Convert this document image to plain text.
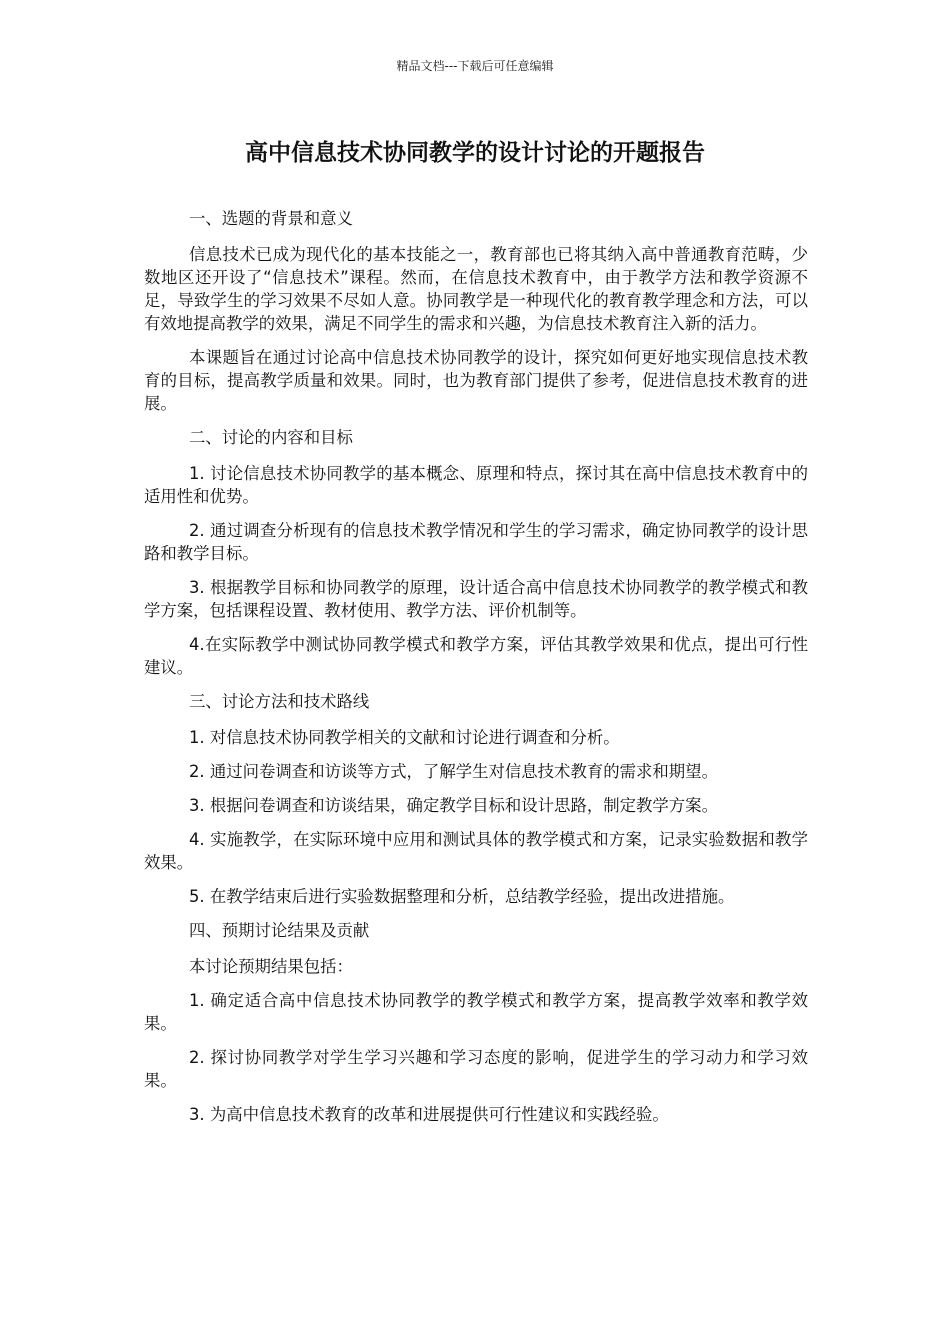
精品文档---下载后可任意编辑
高中信息技术协同教学的设计讨论的开题报告

一、选题的背景和意义

信息技术已成为现代化的基本技能之一，教育部也已将其纳入高中普通教育范畴，少数地区还开设了“信息技术”课程。然而，在信息技术教育中，由于教学方法和教学资源不足，导致学生的学习效果不尽如人意。协同教学是一种现代化的教育教学理念和方法，可以有效地提高教学的效果，满足不同学生的需求和兴趣，为信息技术教育注入新的活力。

本课题旨在通过讨论高中信息技术协同教学的设计，探究如何更好地实现信息技术教育的目标，提高教学质量和效果。同时，也为教育部门提供了参考，促进信息技术教育的进展。

二、讨论的内容和目标

1. 讨论信息技术协同教学的基本概念、原理和特点，探讨其在高中信息技术教育中的适用性和优势。

2. 通过调查分析现有的信息技术教学情况和学生的学习需求，确定协同教学的设计思路和教学目标。

3. 根据教学目标和协同教学的原理，设计适合高中信息技术协同教学的教学模式和教学方案，包括课程设置、教材使用、教学方法、评价机制等。

4.在实际教学中测试协同教学模式和教学方案，评估其教学效果和优点，提出可行性建议。

三、讨论方法和技术路线

1. 对信息技术协同教学相关的文献和讨论进行调查和分析。

2. 通过问卷调查和访谈等方式，了解学生对信息技术教育的需求和期望。

3. 根据问卷调查和访谈结果，确定教学目标和设计思路，制定教学方案。

4. 实施教学，在实际环境中应用和测试具体的教学模式和方案，记录实验数据和教学效果。

5. 在教学结束后进行实验数据整理和分析，总结教学经验，提出改进措施。

四、预期讨论结果及贡献

本讨论预期结果包括：

1. 确定适合高中信息技术协同教学的教学模式和教学方案，提高教学效率和教学效果。

2. 探讨协同教学对学生学习兴趣和学习态度的影响，促进学生的学习动力和学习效果。

3. 为高中信息技术教育的改革和进展提供可行性建议和实践经验。
